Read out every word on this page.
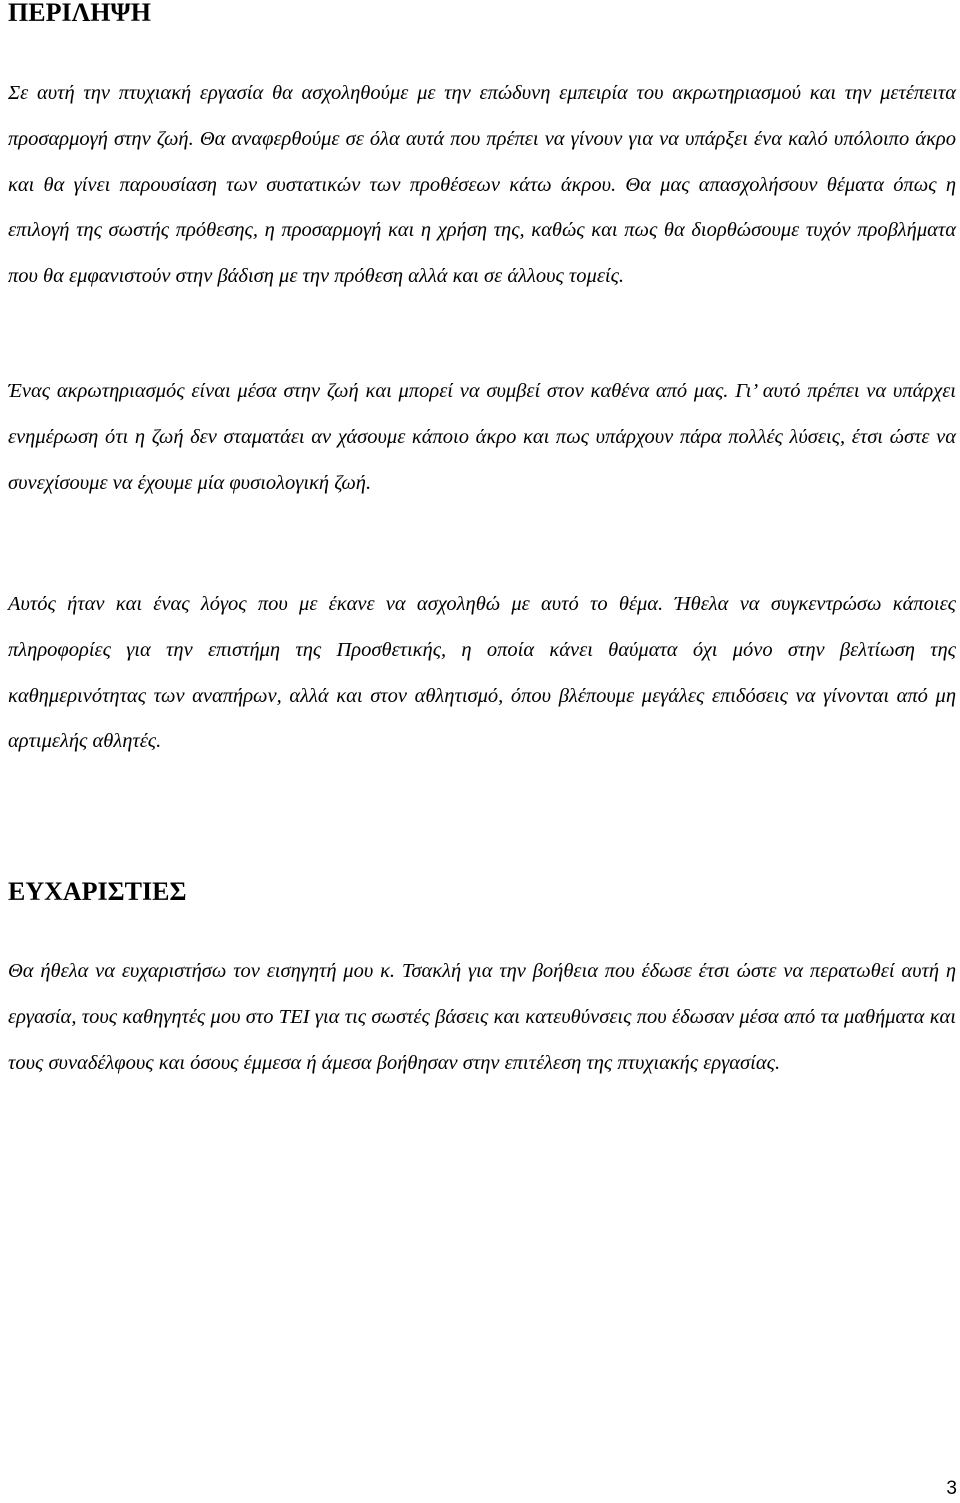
ΠΕΡΙΛΗΨΗ

Σε αυτή την πτυχιακή εργασία θα ασχοληθούμε με την επώδυνη εμπειρία του ακρωτηριασμού και την μετέπειτα προσαρμογή στην ζωή. Θα αναφερθούμε σε όλα αυτά που πρέπει να γίνουν για να υπάρξει ένα καλό υπόλοιπο άκρο και θα γίνει παρουσίαση των συστατικών των προθέσεων κάτω άκρου. Θα μας απασχολήσουν θέματα όπως η επιλογή της σωστής πρόθεσης, η προσαρμογή και η χρήση της, καθώς και πως θα διορθώσουμε τυχόν προβλήματα που θα εμφανιστούν στην βάδιση με την πρόθεση αλλά και σε άλλους τομείς.

Ένας ακρωτηριασμός είναι μέσα στην ζωή και μπορεί να συμβεί στον καθένα από μας. Γι’ αυτό πρέπει να υπάρχει ενημέρωση ότι η ζωή δεν σταματάει αν χάσουμε κάποιο άκρο και πως υπάρχουν πάρα πολλές λύσεις, έτσι ώστε να συνεχίσουμε να έχουμε μία φυσιολογική ζωή.

Αυτός ήταν και ένας λόγος που με έκανε να ασχοληθώ με αυτό το θέμα. Ήθελα να συγκεντρώσω κάποιες πληροφορίες για την επιστήμη της Προσθετικής, η οποία κάνει θαύματα όχι μόνο στην βελτίωση της καθημερινότητας των αναπήρων, αλλά και στον αθλητισμό, όπου βλέπουμε μεγάλες επιδόσεις να γίνονται από μη αρτιμελής αθλητές.

ΕΥΧΑΡΙΣΤΙΕΣ

Θα ήθελα να ευχαριστήσω τον εισηγητή μου κ. Τσακλή για την βοήθεια που έδωσε έτσι ώστε να περατωθεί αυτή η εργασία, τους καθηγητές μου στο ΤΕΙ για τις σωστές βάσεις και κατευθύνσεις που έδωσαν μέσα από τα μαθήματα και τους συναδέλφους και όσους έμμεσα ή άμεσα βοήθησαν στην επιτέλεση της πτυχιακής εργασίας.

3
